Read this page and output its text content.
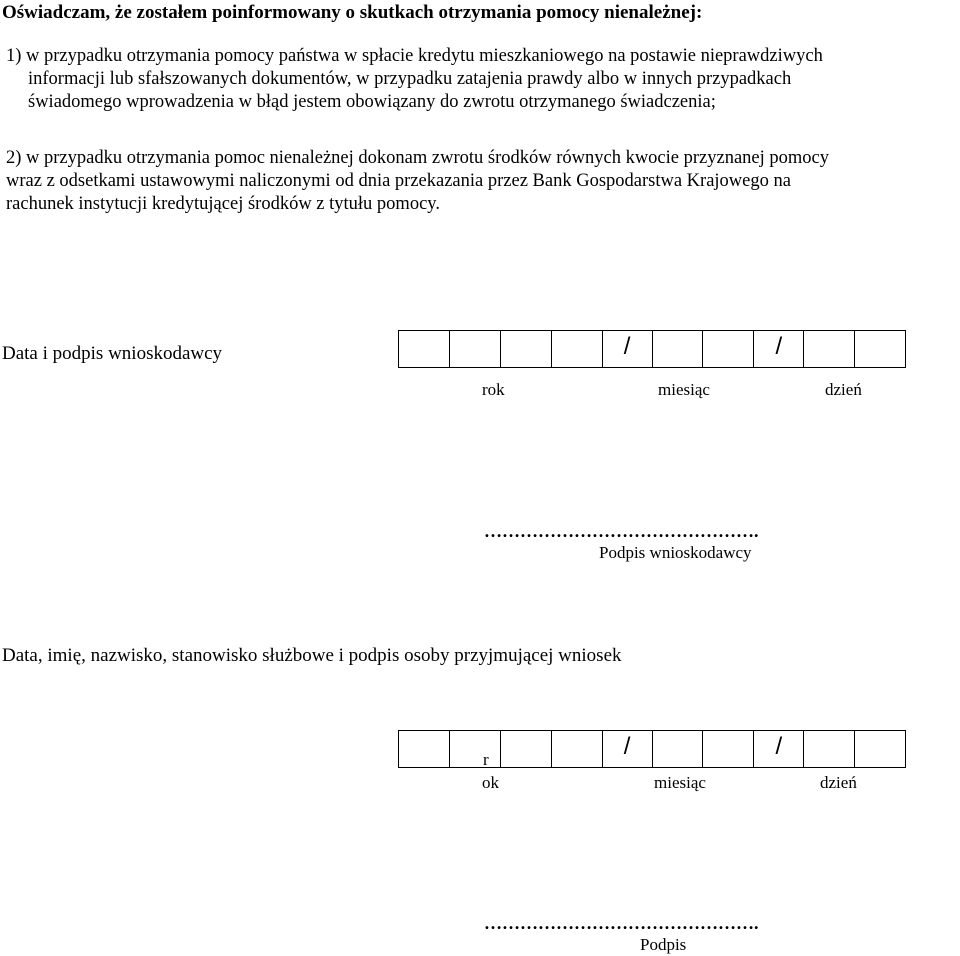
Oświadczam, że zostałem poinformowany o skutkach otrzymania pomocy nienależnej:
1) w przypadku otrzymania pomocy państwa w spłacie kredytu mieszkaniowego na postawie nieprawdziwych
informacji lub sfałszowanych dokumentów, w przypadku zatajenia prawdy albo w innych przypadkach
świadomego wprowadzenia w błąd jestem obowiązany do zwrotu otrzymanego świadczenia;
2) w przypadku otrzymania pomoc nienależnej dokonam zwrotu środków równych kwocie przyznanej pomocy
wraz z odsetkami ustawowymi naliczonymi od dnia przekazania przez Bank Gospodarstwa Krajowego na
rachunek instytucji kredytującej środków z tytułu pomocy.
Data i podpis wnioskodawcy	/	/
rok	miesiąc	dzień
……………………………………….
Podpis wnioskodawcy
Data, imię, nazwisko, stanowisko służbowe i podpis osoby przyjmującej wniosek
/	/
r
ok	miesiąc	dzień
……………………………………….
Podpis
